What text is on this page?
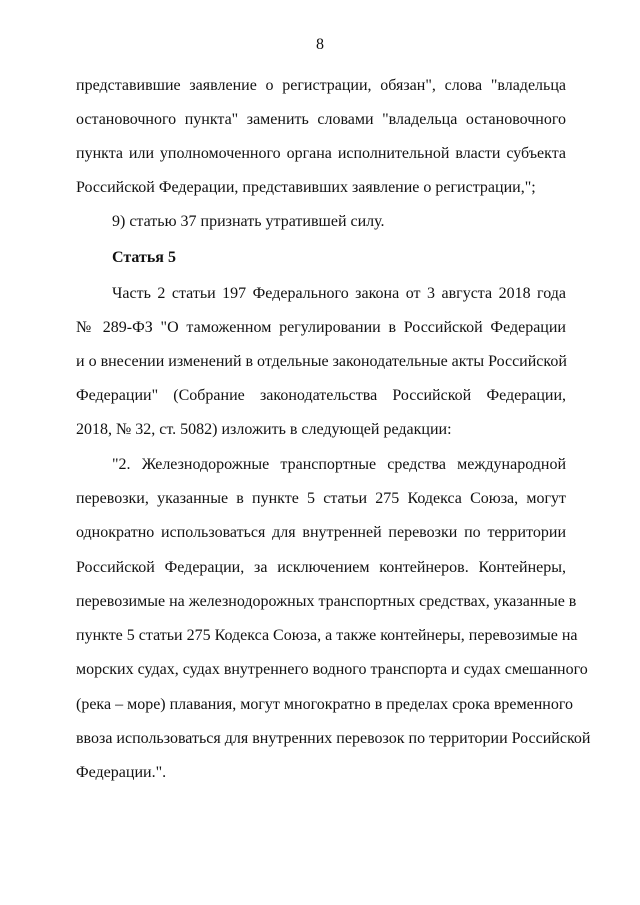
8
представившие заявление о регистрации, обязан", слова "владельца
остановочного пункта" заменить словами "владельца остановочного
пункта или уполномоченного органа исполнительной власти субъекта
Российской Федерации, представивших заявление о регистрации,";
9) статью 37 признать утратившей силу.
Статья 5
Часть 2 статьи 197 Федерального закона от 3 августа 2018 года
№ 289-ФЗ "О таможенном регулировании в Российской Федерации
и о внесении изменений в отдельные законодательные акты Российской
Федерации" (Собрание законодательства Российской Федерации,
2018, № 32, ст. 5082) изложить в следующей редакции:
"2. Железнодорожные транспортные средства международной
перевозки, указанные в пункте 5 статьи 275 Кодекса Союза, могут
однократно использоваться для внутренней перевозки по территории
Российской Федерации, за исключением контейнеров. Контейнеры,
перевозимые на железнодорожных транспортных средствах, указанные в
пункте 5 статьи 275 Кодекса Союза, а также контейнеры, перевозимые на
морских судах, судах внутреннего водного транспорта и судах смешанного
(река – море) плавания, могут многократно в пределах срока временного
ввоза использоваться для внутренних перевозок по территории Российской
Федерации.".
